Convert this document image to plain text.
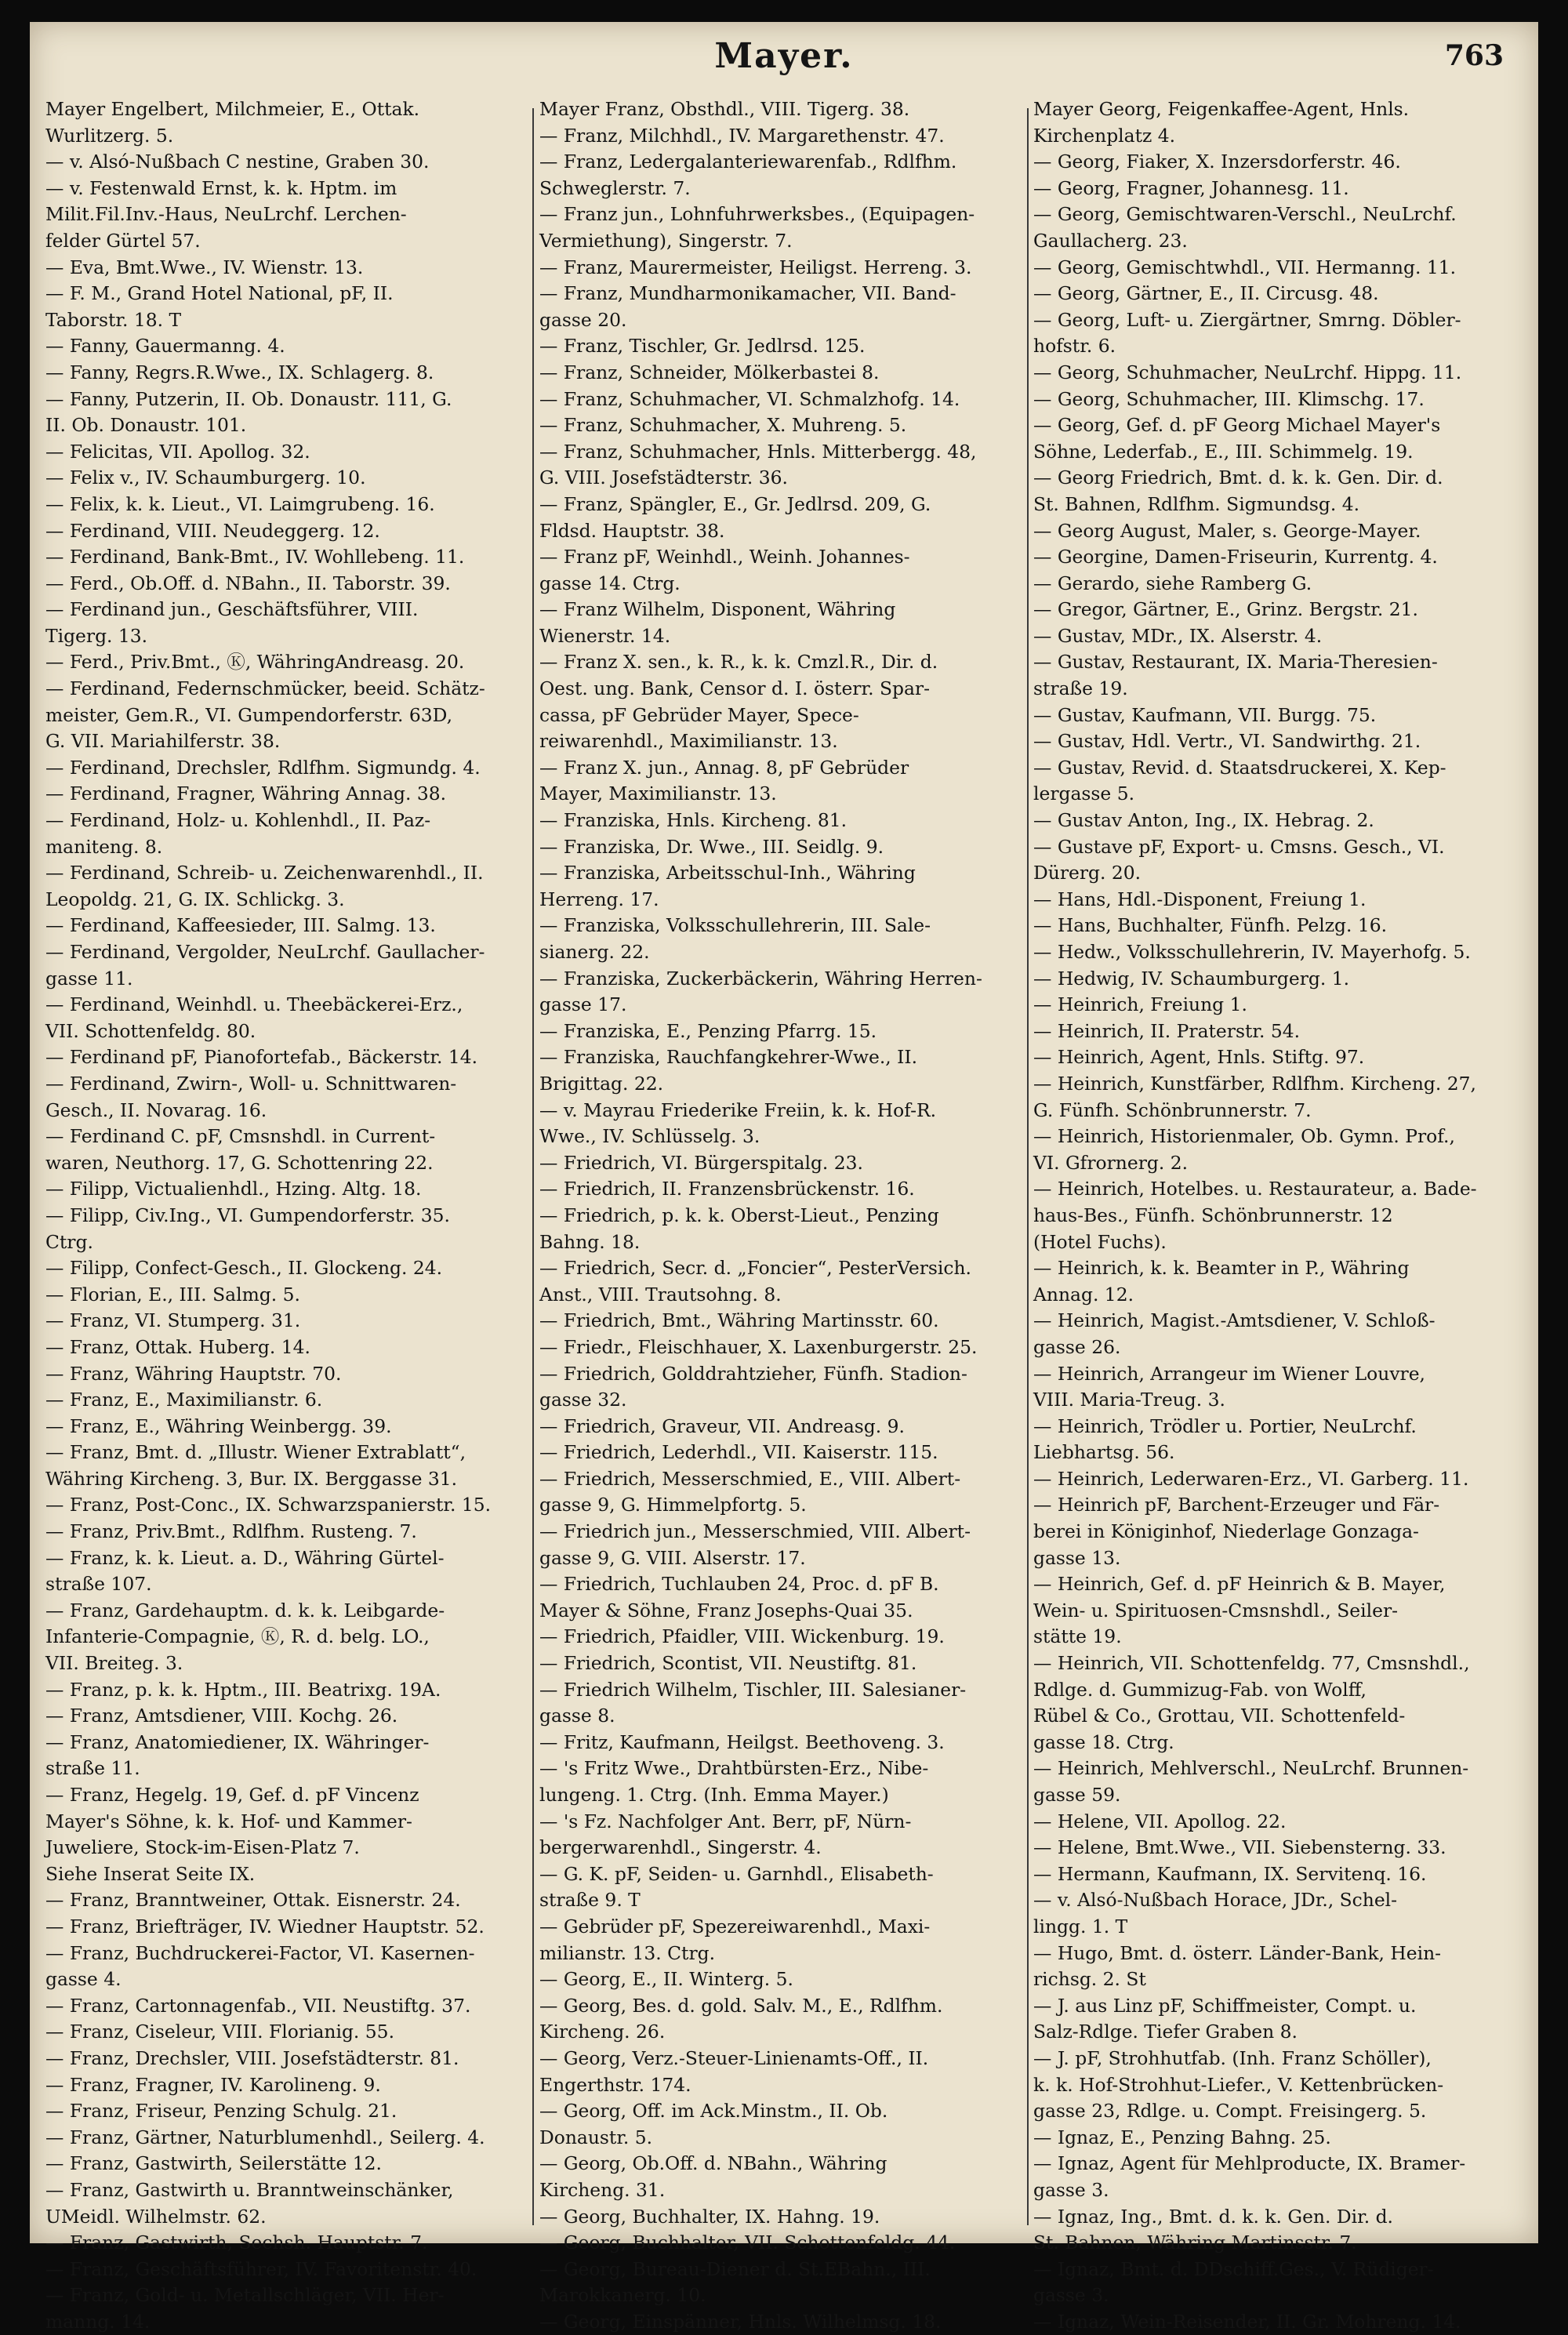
Mayer.	763
Mayer Engelbert, Milchmeier, E., Ottak.
Wurlitzerg. 5.
— v. Alsó-Nußbach C nestine, Graben 30.
— v. Festenwald Ernst, k. k. Hptm. im
Milit.Fil.Inv.-Haus, NeuLrchf. Lerchen-
felder Gürtel 57.
— Eva, Bmt.Wwe., IV. Wienstr. 13.
— F. M., Grand Hotel National, pF, II.
Taborstr. 18. T
— Fanny, Gauermanng. 4.
— Fanny, Regrs.R.Wwe., IX. Schlagerg. 8.
— Fanny, Putzerin, II. Ob. Donaustr. 111, G.
II. Ob. Donaustr. 101.
— Felicitas, VII. Apollog. 32.
— Felix v., IV. Schaumburgerg. 10.
— Felix, k. k. Lieut., VI. Laimgrubeng. 16.
— Ferdinand, VIII. Neudeggerg. 12.
— Ferdinand, Bank-Bmt., IV. Wohllebeng. 11.
— Ferd., Ob.Off. d. NBahn., II. Taborstr. 39.
— Ferdinand jun., Geschäftsführer, VIII.
Tigerg. 13.
— Ferd., Priv.Bmt., Ⓚ, WähringAndreasg. 20.
— Ferdinand, Federnschmücker, beeid. Schätz-
meister, Gem.R., VI. Gumpendorferstr. 63D,
G. VII. Mariahilferstr. 38.
— Ferdinand, Drechsler, Rdlfhm. Sigmundg. 4.
— Ferdinand, Fragner, Währing Annag. 38.
— Ferdinand, Holz- u. Kohlenhdl., II. Paz-
maniteng. 8.
— Ferdinand, Schreib- u. Zeichenwarenhdl., II.
Leopoldg. 21, G. IX. Schlickg. 3.
— Ferdinand, Kaffeesieder, III. Salmg. 13.
— Ferdinand, Vergolder, NeuLrchf. Gaullacher-
gasse 11.
— Ferdinand, Weinhdl. u. Theebäckerei-Erz.,
VII. Schottenfeldg. 80.
— Ferdinand pF, Pianofortefab., Bäckerstr. 14.
— Ferdinand, Zwirn-, Woll- u. Schnittwaren-
Gesch., II. Novarag. 16.
— Ferdinand C. pF, Cmsnshdl. in Current-
waren, Neuthorg. 17, G. Schottenring 22.
— Filipp, Victualienhdl., Hzing. Altg. 18.
— Filipp, Civ.Ing., VI. Gumpendorferstr. 35.
Ctrg.
— Filipp, Confect-Gesch., II. Glockeng. 24.
— Florian, E., III. Salmg. 5.
— Franz, VI. Stumperg. 31.
— Franz, Ottak. Huberg. 14.
— Franz, Währing Hauptstr. 70.
— Franz, E., Maximilianstr. 6.
— Franz, E., Währing Weinbergg. 39.
— Franz, Bmt. d. „Illustr. Wiener Extrablatt“,
Währing Kircheng. 3, Bur. IX. Berggasse 31.
— Franz, Post-Conc., IX. Schwarzspanierstr. 15.
— Franz, Priv.Bmt., Rdlfhm. Rusteng. 7.
— Franz, k. k. Lieut. a. D., Währing Gürtel-
straße 107.
— Franz, Gardehauptm. d. k. k. Leibgarde-
Infanterie-Compagnie, Ⓚ, R. d. belg. LO.,
VII. Breiteg. 3.
— Franz, p. k. k. Hptm., III. Beatrixg. 19A.
— Franz, Amtsdiener, VIII. Kochg. 26.
— Franz, Anatomiediener, IX. Währinger-
straße 11.
— Franz, Hegelg. 19, Gef. d. pF Vincenz
Mayer's Söhne, k. k. Hof- und Kammer-
Juweliere, Stock-im-Eisen-Platz 7.
Siehe Inserat Seite IX.
— Franz, Branntweiner, Ottak. Eisnerstr. 24.
— Franz, Briefträger, IV. Wiedner Hauptstr. 52.
— Franz, Buchdruckerei-Factor, VI. Kasernen-
gasse 4.
— Franz, Cartonnagenfab., VII. Neustiftg. 37.
— Franz, Ciseleur, VIII. Florianig. 55.
— Franz, Drechsler, VIII. Josefstädterstr. 81.
— Franz, Fragner, IV. Karolineng. 9.
— Franz, Friseur, Penzing Schulg. 21.
— Franz, Gärtner, Naturblumenhdl., Seilerg. 4.
— Franz, Gastwirth, Seilerstätte 12.
— Franz, Gastwirth u. Branntweinschänker,
UMeidl. Wilhelmstr. 62.
— Franz, Gastwirth, Sechsh. Hauptstr. 7.
— Franz, Geschäftsführer, IV. Favoritenstr. 40.
— Franz, Gold- u. Metallschläger, VII. Her-
manng. 14.
Mayer Franz, Obsthdl., VIII. Tigerg. 38.
— Franz, Milchhdl., IV. Margarethenstr. 47.
— Franz, Ledergalanteriewarenfab., Rdlfhm.
Schweglerstr. 7.
— Franz jun., Lohnfuhrwerksbes., (Equipagen-
Vermiethung), Singerstr. 7.
— Franz, Maurermeister, Heiligst. Herreng. 3.
— Franz, Mundharmonikamacher, VII. Band-
gasse 20.
— Franz, Tischler, Gr. Jedlrsd. 125.
— Franz, Schneider, Mölkerbastei 8.
— Franz, Schuhmacher, VI. Schmalzhofg. 14.
— Franz, Schuhmacher, X. Muhreng. 5.
— Franz, Schuhmacher, Hnls. Mitterbergg. 48,
G. VIII. Josefstädterstr. 36.
— Franz, Spängler, E., Gr. Jedlrsd. 209, G.
Fldsd. Hauptstr. 38.
— Franz pF, Weinhdl., Weinh. Johannes-
gasse 14. Ctrg.
— Franz Wilhelm, Disponent, Währing
Wienerstr. 14.
— Franz X. sen., k. R., k. k. Cmzl.R., Dir. d.
Oest. ung. Bank, Censor d. I. österr. Spar-
cassa, pF Gebrüder Mayer, Spece-
reiwarenhdl., Maximilianstr. 13.
— Franz X. jun., Annag. 8, pF Gebrüder
Mayer, Maximilianstr. 13.
— Franziska, Hnls. Kircheng. 81.
— Franziska, Dr. Wwe., III. Seidlg. 9.
— Franziska, Arbeitsschul-Inh., Währing
Herreng. 17.
— Franziska, Volksschullehrerin, III. Sale-
sianerg. 22.
— Franziska, Zuckerbäckerin, Währing Herren-
gasse 17.
— Franziska, E., Penzing Pfarrg. 15.
— Franziska, Rauchfangkehrer-Wwe., II.
Brigittag. 22.
— v. Mayrau Friederike Freiin, k. k. Hof-R.
Wwe., IV. Schlüsselg. 3.
— Friedrich, VI. Bürgerspitalg. 23.
— Friedrich, II. Franzensbrückenstr. 16.
— Friedrich, p. k. k. Oberst-Lieut., Penzing
Bahng. 18.
— Friedrich, Secr. d. „Foncier“, PesterVersich.
Anst., VIII. Trautsohng. 8.
— Friedrich, Bmt., Währing Martinsstr. 60.
— Friedr., Fleischhauer, X. Laxenburgerstr. 25.
— Friedrich, Golddrahtzieher, Fünfh. Stadion-
gasse 32.
— Friedrich, Graveur, VII. Andreasg. 9.
— Friedrich, Lederhdl., VII. Kaiserstr. 115.
— Friedrich, Messerschmied, E., VIII. Albert-
gasse 9, G. Himmelpfortg. 5.
— Friedrich jun., Messerschmied, VIII. Albert-
gasse 9, G. VIII. Alserstr. 17.
— Friedrich, Tuchlauben 24, Proc. d. pF B.
Mayer & Söhne, Franz Josephs-Quai 35.
— Friedrich, Pfaidler, VIII. Wickenburg. 19.
— Friedrich, Scontist, VII. Neustiftg. 81.
— Friedrich Wilhelm, Tischler, III. Salesianer-
gasse 8.
— Fritz, Kaufmann, Heilgst. Beethoveng. 3.
— 's Fritz Wwe., Drahtbürsten-Erz., Nibe-
lungeng. 1. Ctrg. (Inh. Emma Mayer.)
— 's Fz. Nachfolger Ant. Berr, pF, Nürn-
bergerwarenhdl., Singerstr. 4.
— G. K. pF, Seiden- u. Garnhdl., Elisabeth-
straße 9. T
— Gebrüder pF, Spezereiwarenhdl., Maxi-
milianstr. 13. Ctrg.
— Georg, E., II. Winterg. 5.
— Georg, Bes. d. gold. Salv. M., E., Rdlfhm.
Kircheng. 26.
— Georg, Verz.-Steuer-Linienamts-Off., II.
Engerthstr. 174.
— Georg, Off. im Ack.Minstm., II. Ob.
Donaustr. 5.
— Georg, Ob.Off. d. NBahn., Währing
Kircheng. 31.
— Georg, Buchhalter, IX. Hahng. 19.
— Georg, Buchhalter, VII. Schottenfeldg. 44.
— Georg, Bureau-Diener d. St.EBahn., III.
Marokkanerg. 10.
— Georg, Einspänner, Hnls. Wilhelmsg. 18.
Mayer Georg, Feigenkaffee-Agent, Hnls.
Kirchenplatz 4.
— Georg, Fiaker, X. Inzersdorferstr. 46.
— Georg, Fragner, Johannesg. 11.
— Georg, Gemischtwaren-Verschl., NeuLrchf.
Gaullacherg. 23.
— Georg, Gemischtwhdl., VII. Hermanng. 11.
— Georg, Gärtner, E., II. Circusg. 48.
— Georg, Luft- u. Ziergärtner, Smrng. Döbler-
hofstr. 6.
— Georg, Schuhmacher, NeuLrchf. Hippg. 11.
— Georg, Schuhmacher, III. Klimschg. 17.
— Georg, Gef. d. pF Georg Michael Mayer's
Söhne, Lederfab., E., III. Schimmelg. 19.
— Georg Friedrich, Bmt. d. k. k. Gen. Dir. d.
St. Bahnen, Rdlfhm. Sigmundsg. 4.
— Georg August, Maler, s. George-Mayer.
— Georgine, Damen-Friseurin, Kurrentg. 4.
— Gerardo, siehe Ramberg G.
— Gregor, Gärtner, E., Grinz. Bergstr. 21.
— Gustav, MDr., IX. Alserstr. 4.
— Gustav, Restaurant, IX. Maria-Theresien-
straße 19.
— Gustav, Kaufmann, VII. Burgg. 75.
— Gustav, Hdl. Vertr., VI. Sandwirthg. 21.
— Gustav, Revid. d. Staatsdruckerei, X. Kep-
lergasse 5.
— Gustav Anton, Ing., IX. Hebrag. 2.
— Gustave pF, Export- u. Cmsns. Gesch., VI.
Dürerg. 20.
— Hans, Hdl.-Disponent, Freiung 1.
— Hans, Buchhalter, Fünfh. Pelzg. 16.
— Hedw., Volksschullehrerin, IV. Mayerhofg. 5.
— Hedwig, IV. Schaumburgerg. 1.
— Heinrich, Freiung 1.
— Heinrich, II. Praterstr. 54.
— Heinrich, Agent, Hnls. Stiftg. 97.
— Heinrich, Kunstfärber, Rdlfhm. Kircheng. 27,
G. Fünfh. Schönbrunnerstr. 7.
— Heinrich, Historienmaler, Ob. Gymn. Prof.,
VI. Gfrornerg. 2.
— Heinrich, Hotelbes. u. Restaurateur, a. Bade-
haus-Bes., Fünfh. Schönbrunnerstr. 12
(Hotel Fuchs).
— Heinrich, k. k. Beamter in P., Währing
Annag. 12.
— Heinrich, Magist.-Amtsdiener, V. Schloß-
gasse 26.
— Heinrich, Arrangeur im Wiener Louvre,
VIII. Maria-Treug. 3.
— Heinrich, Trödler u. Portier, NeuLrchf.
Liebhartsg. 56.
— Heinrich, Lederwaren-Erz., VI. Garberg. 11.
— Heinrich pF, Barchent-Erzeuger und Fär-
berei in Königinhof, Niederlage Gonzaga-
gasse 13.
— Heinrich, Gef. d. pF Heinrich & B. Mayer,
Wein- u. Spirituosen-Cmsnshdl., Seiler-
stätte 19.
— Heinrich, VII. Schottenfeldg. 77, Cmsnshdl.,
Rdlge. d. Gummizug-Fab. von Wolff,
Rübel & Co., Grottau, VII. Schottenfeld-
gasse 18. Ctrg.
— Heinrich, Mehlverschl., NeuLrchf. Brunnen-
gasse 59.
— Helene, VII. Apollog. 22.
— Helene, Bmt.Wwe., VII. Siebensterng. 33.
— Hermann, Kaufmann, IX. Servitenq. 16.
— v. Alsó-Nußbach Horace, JDr., Schel-
lingg. 1. T
— Hugo, Bmt. d. österr. Länder-Bank, Hein-
richsg. 2. St
— J. aus Linz pF, Schiffmeister, Compt. u.
Salz-Rdlge. Tiefer Graben 8.
— J. pF, Strohhutfab. (Inh. Franz Schöller),
k. k. Hof-Strohhut-Liefer., V. Kettenbrücken-
gasse 23, Rdlge. u. Compt. Freisingerg. 5.
— Ignaz, E., Penzing Bahng. 25.
— Ignaz, Agent für Mehlproducte, IX. Bramer-
gasse 3.
— Ignaz, Ing., Bmt. d. k. k. Gen. Dir. d.
St. Bahnen, Währing Martinsstr. 7.
— Ignaz, Bmt. d. DDschiff.Ges., V. Rüdiger-
gasse 3.
— Ignaz, Wein-Reisender, II. Gr. Mohreng. 14.
